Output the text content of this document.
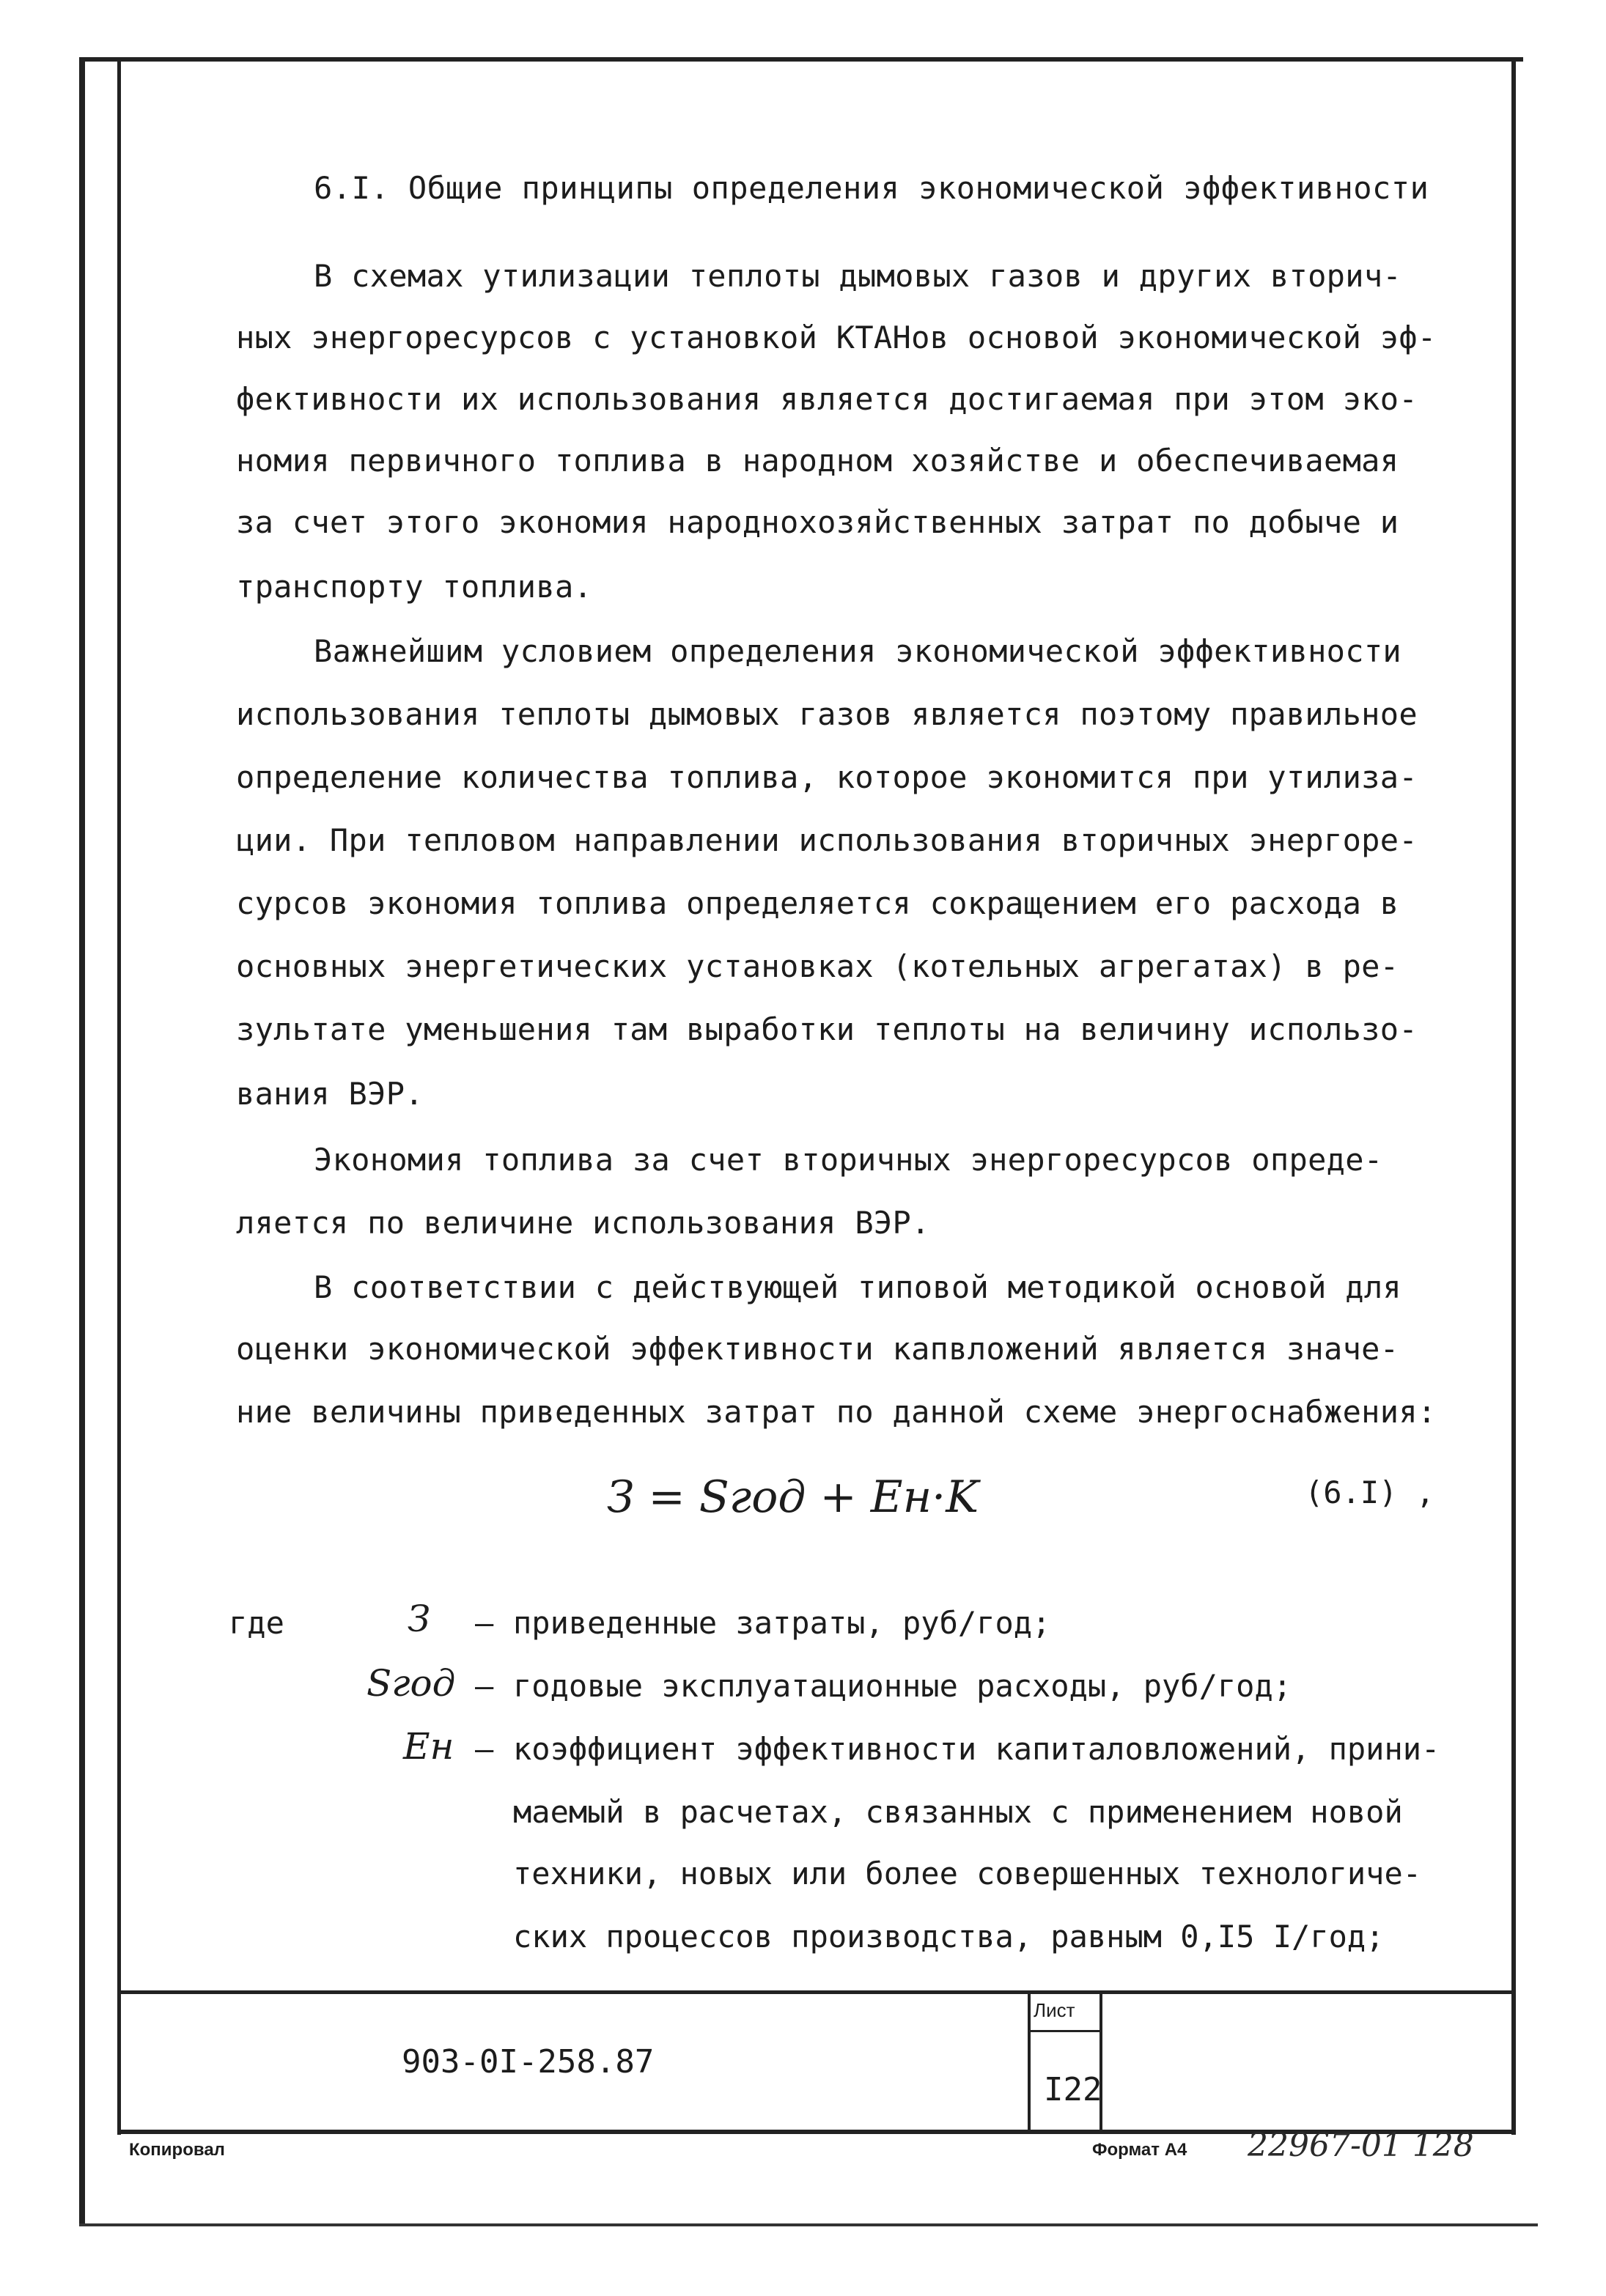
6.I. Общие принципы определения экономической эффективности
В схемах утилизации теплоты дымовых газов и других вторич-
ных энергоресурсов с установкой КТАНов основой экономической эф-
фективности их использования является достигаемая при этом эко-
номия первичного топлива в народном хозяйстве и обеспечиваемая
за счет этого экономия народнохозяйственных затрат по добыче и
транспорту топлива.
Важнейшим условием определения экономической эффективности
использования теплоты дымовых газов является поэтому правильное
определение количества топлива, которое экономится при утилиза-
ции. При тепловом направлении использования вторичных энергоре-
сурсов экономия топлива определяется сокращением его расхода в
основных энергетических установках (котельных агрегатах) в ре-
зультате уменьшения там выработки теплоты на величину использо-
вания ВЭР.
Экономия топлива за счет вторичных энергоресурсов опреде-
ляется по величине использования ВЭР.
В соответствии с действующей типовой методикой основой для
оценки экономической эффективности капвложений является значе-
ние величины приведенных затрат по данной схеме энергоснабжения:
З = Sгод + Eн·K	(6.I) ,
где	З – приведенные затраты, руб/год;
Sгод – годовые эксплуатационные расходы, руб/год;
Eн – коэффициент эффективности капиталовложений, прини-
маемый в расчетах, связанных с применением новой
техники, новых или более совершенных технологиче-
ских процессов производства, равным 0,I5 I/год;
903-0I-258.87
Лист
I22
Копировал	Формат А4 22967-01 128
